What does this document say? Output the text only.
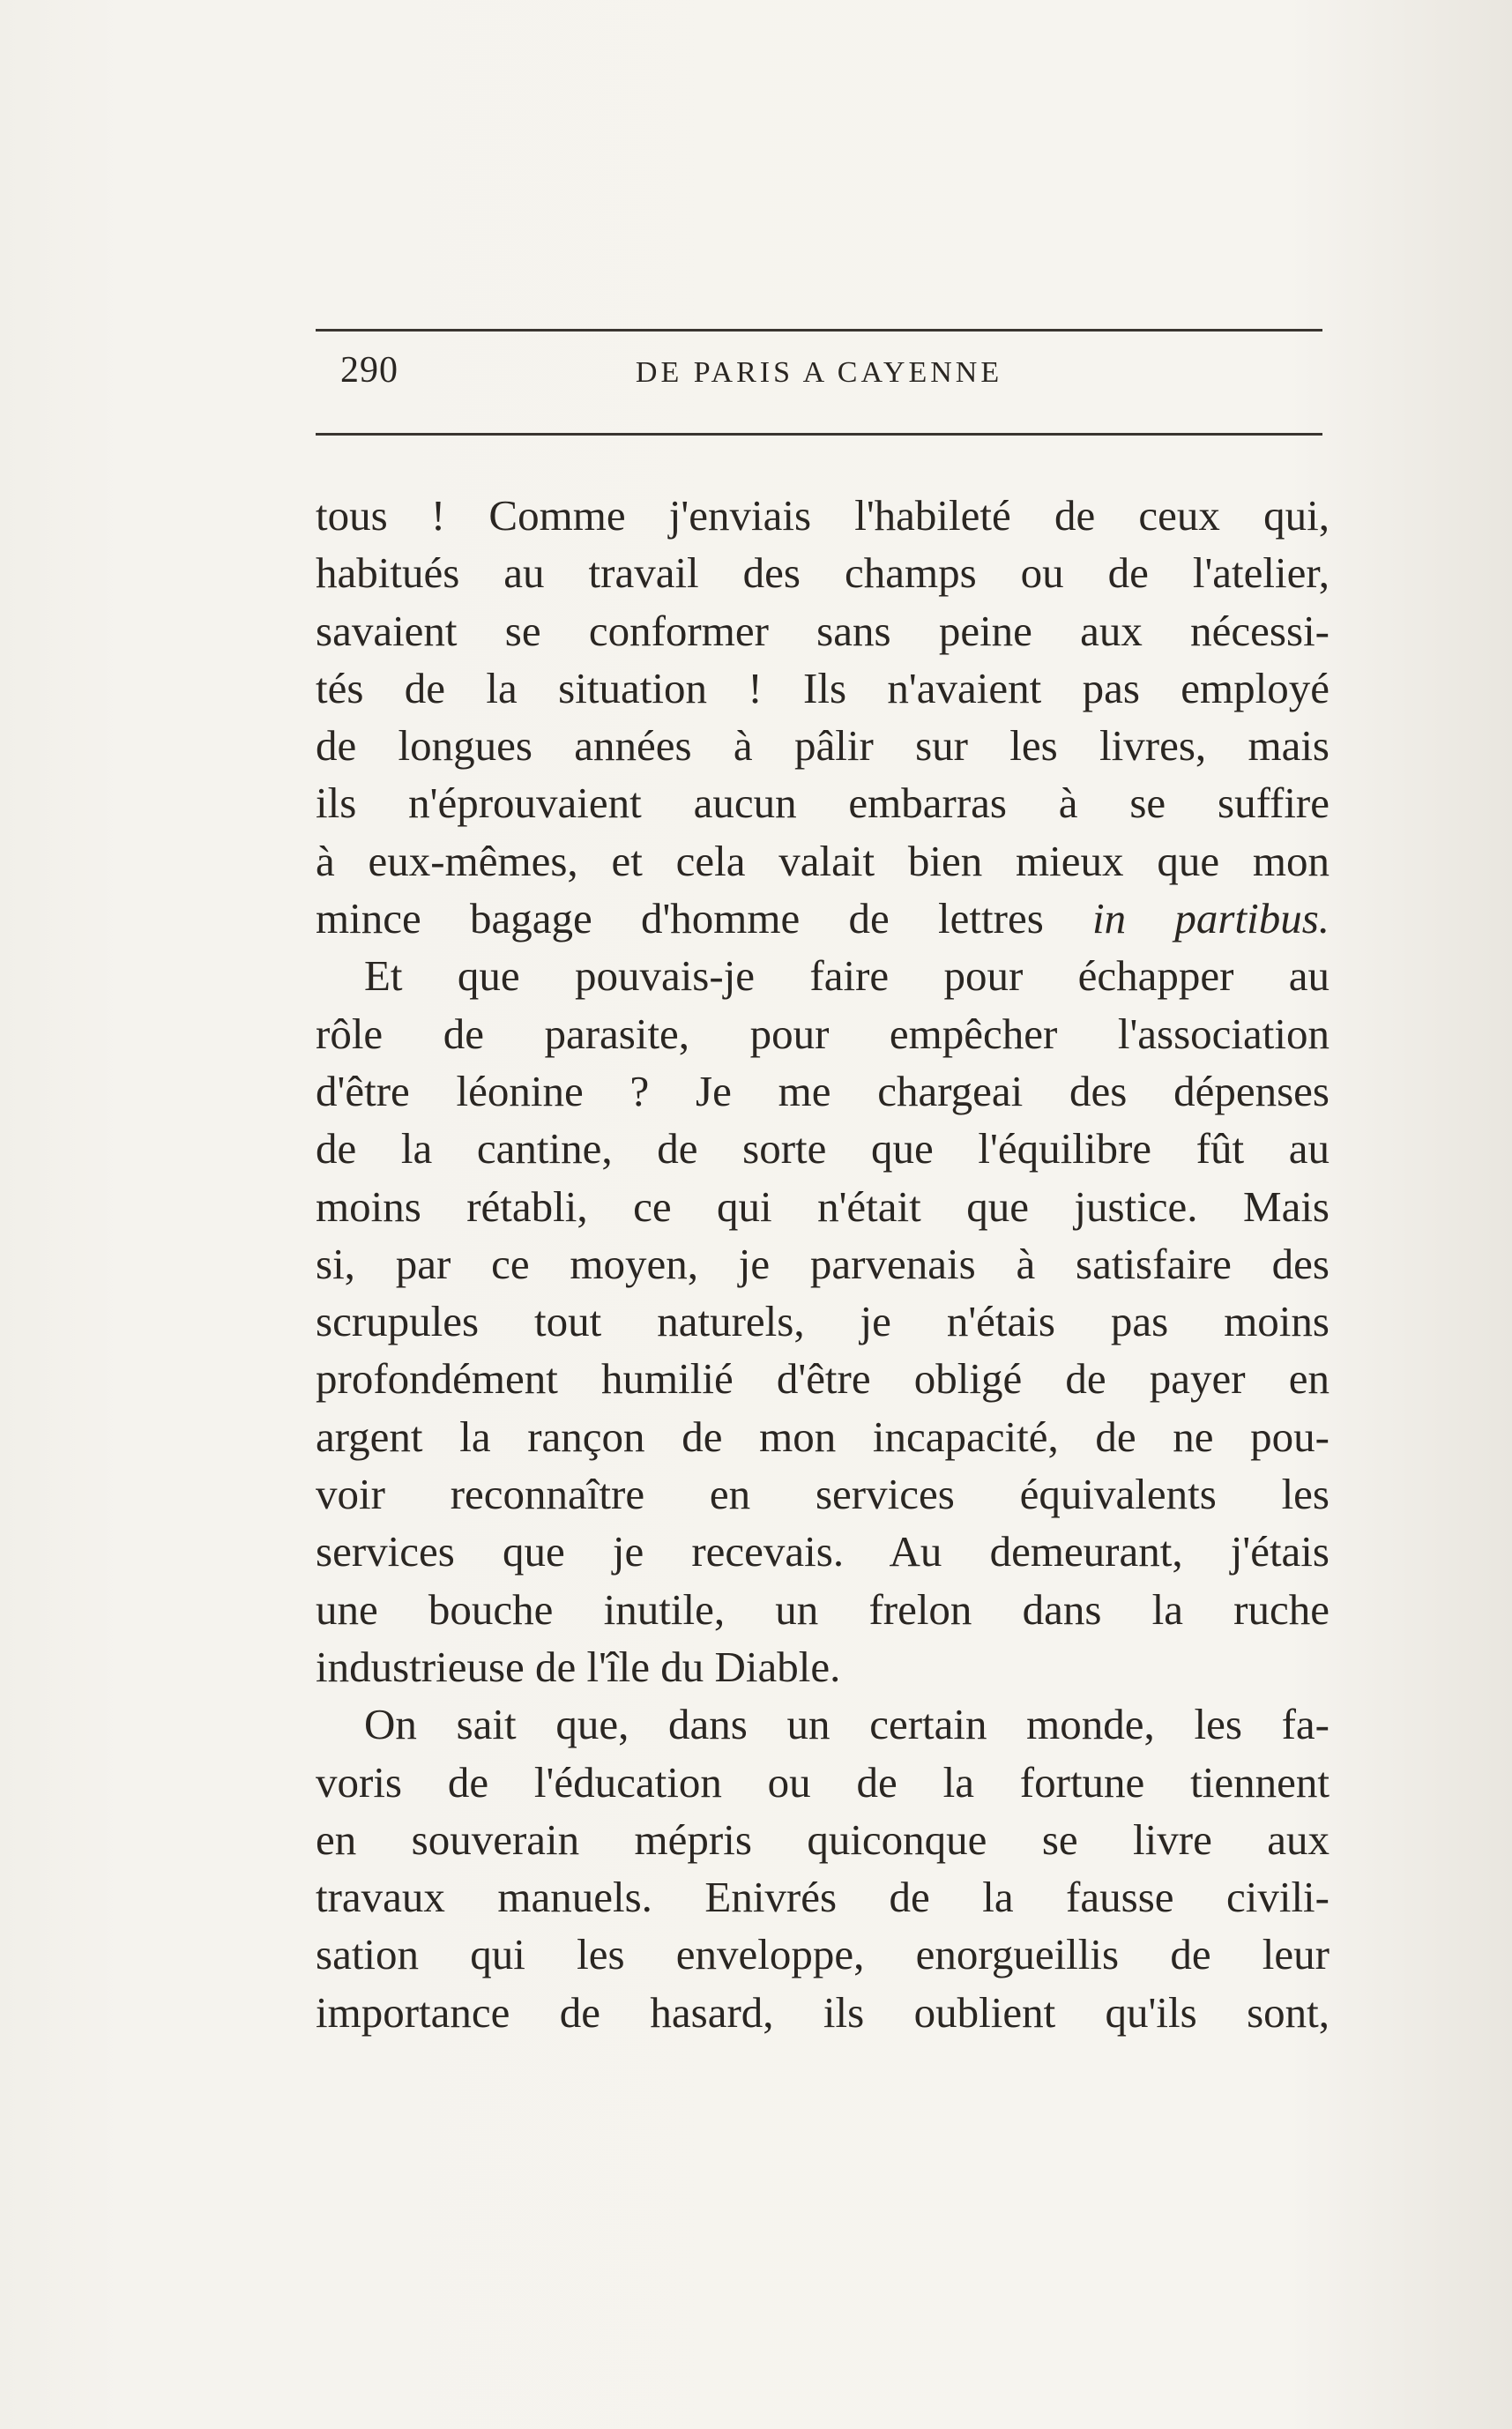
290	DE PARIS A CAYENNE
tous ! Comme j'enviais l'habileté de ceux qui,
habitués au travail des champs ou de l'atelier,
savaient se conformer sans peine aux nécessi-
tés de la situation ! Ils n'avaient pas employé
de longues années à pâlir sur les livres, mais
ils n'éprouvaient aucun embarras à se suffire
à eux-mêmes, et cela valait bien mieux que mon
mince bagage d'homme de lettres in partibus.
Et que pouvais-je faire pour échapper au
rôle de parasite, pour empêcher l'association
d'être léonine ? Je me chargeai des dépenses
de la cantine, de sorte que l'équilibre fût au
moins rétabli, ce qui n'était que justice. Mais
si, par ce moyen, je parvenais à satisfaire des
scrupules tout naturels, je n'étais pas moins
profondément humilié d'être obligé de payer en
argent la rançon de mon incapacité, de ne pou-
voir reconnaître en services équivalents les
services que je recevais. Au demeurant, j'étais
une bouche inutile, un frelon dans la ruche
industrieuse de l'île du Diable.
On sait que, dans un certain monde, les fa-
voris de l'éducation ou de la fortune tiennent
en souverain mépris quiconque se livre aux
travaux manuels. Enivrés de la fausse civili-
sation qui les enveloppe, enorgueillis de leur
importance de hasard, ils oublient qu'ils sont,
